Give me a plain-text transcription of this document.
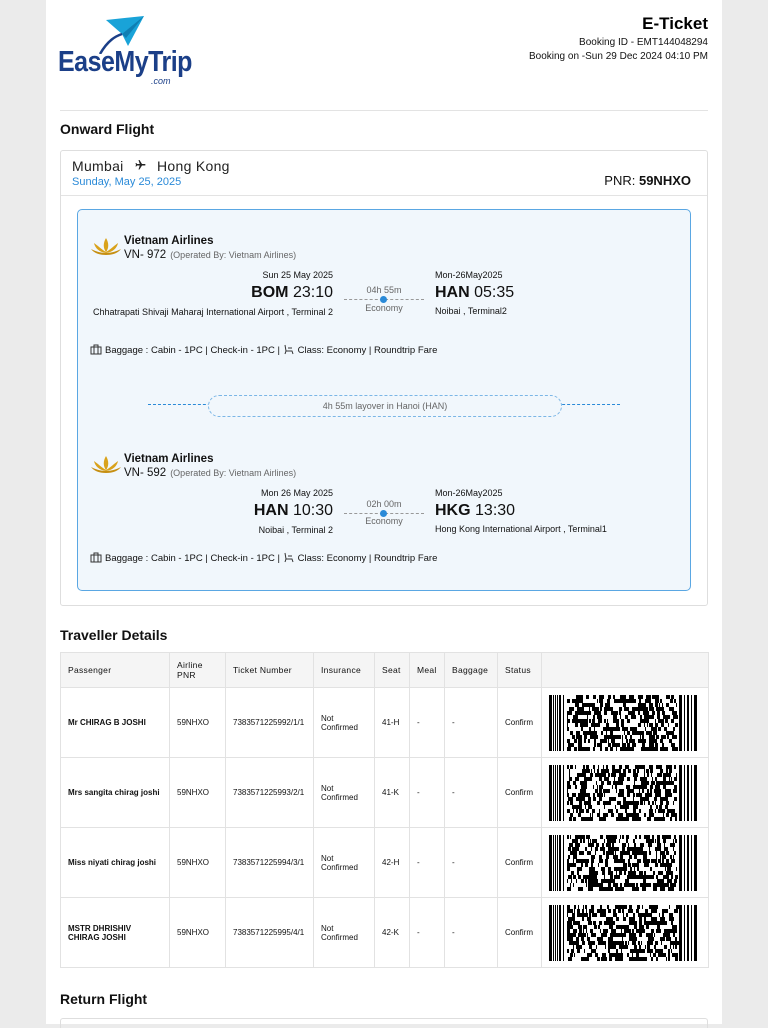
EaseMyTrip
.com
E-Ticket
Booking ID - EMT144048294
Booking on -Sun 29 Dec 2024 04:10 PM
Onward Flight
Mumbai Hong Kong
Sunday, May 25, 2025	PNR: 59NHXO
Vietnam Airlines
VN- 972 (Operated By: Vietnam Airlines)
Sun 25 May 2025
BOM 23:10
Chhatrapati Shivaji Maharaj International Airport , Terminal 2
04h 55m
Economy
Mon-26May2025
HAN 05:35
Noibai , Terminal2
Baggage : Cabin - 1PC | Check-in - 1PC | Class: Economy | Roundtrip Fare
4h 55m layover in Hanoi (HAN)
Vietnam Airlines
VN- 592 (Operated By: Vietnam Airlines)
Mon 26 May 2025
HAN 10:30
Noibai , Terminal 2
02h 00m
Economy
Mon-26May2025
HKG 13:30
Hong Kong International Airport , Terminal1
Baggage : Cabin - 1PC | Check-in - 1PC | Class: Economy | Roundtrip Fare
Traveller Details
Passenger	Airline PNR	Ticket Number	Insurance	Seat	Meal	Baggage	Status	
Mr CHIRAG B JOSHI	59NHXO	7383571225992/1/1	Not Confirmed	41-H	-	-	Confirm	

Mrs sangita chirag joshi	59NHXO	7383571225993/2/1	Not Confirmed	41-K	-	-	Confirm	

Miss niyati chirag joshi	59NHXO	7383571225994/3/1	Not Confirmed	42-H	-	-	Confirm	

MSTR DHRISHIV CHIRAG JOSHI	59NHXO	7383571225995/4/1	Not Confirmed	42-K	-	-	Confirm	
Return Flight
